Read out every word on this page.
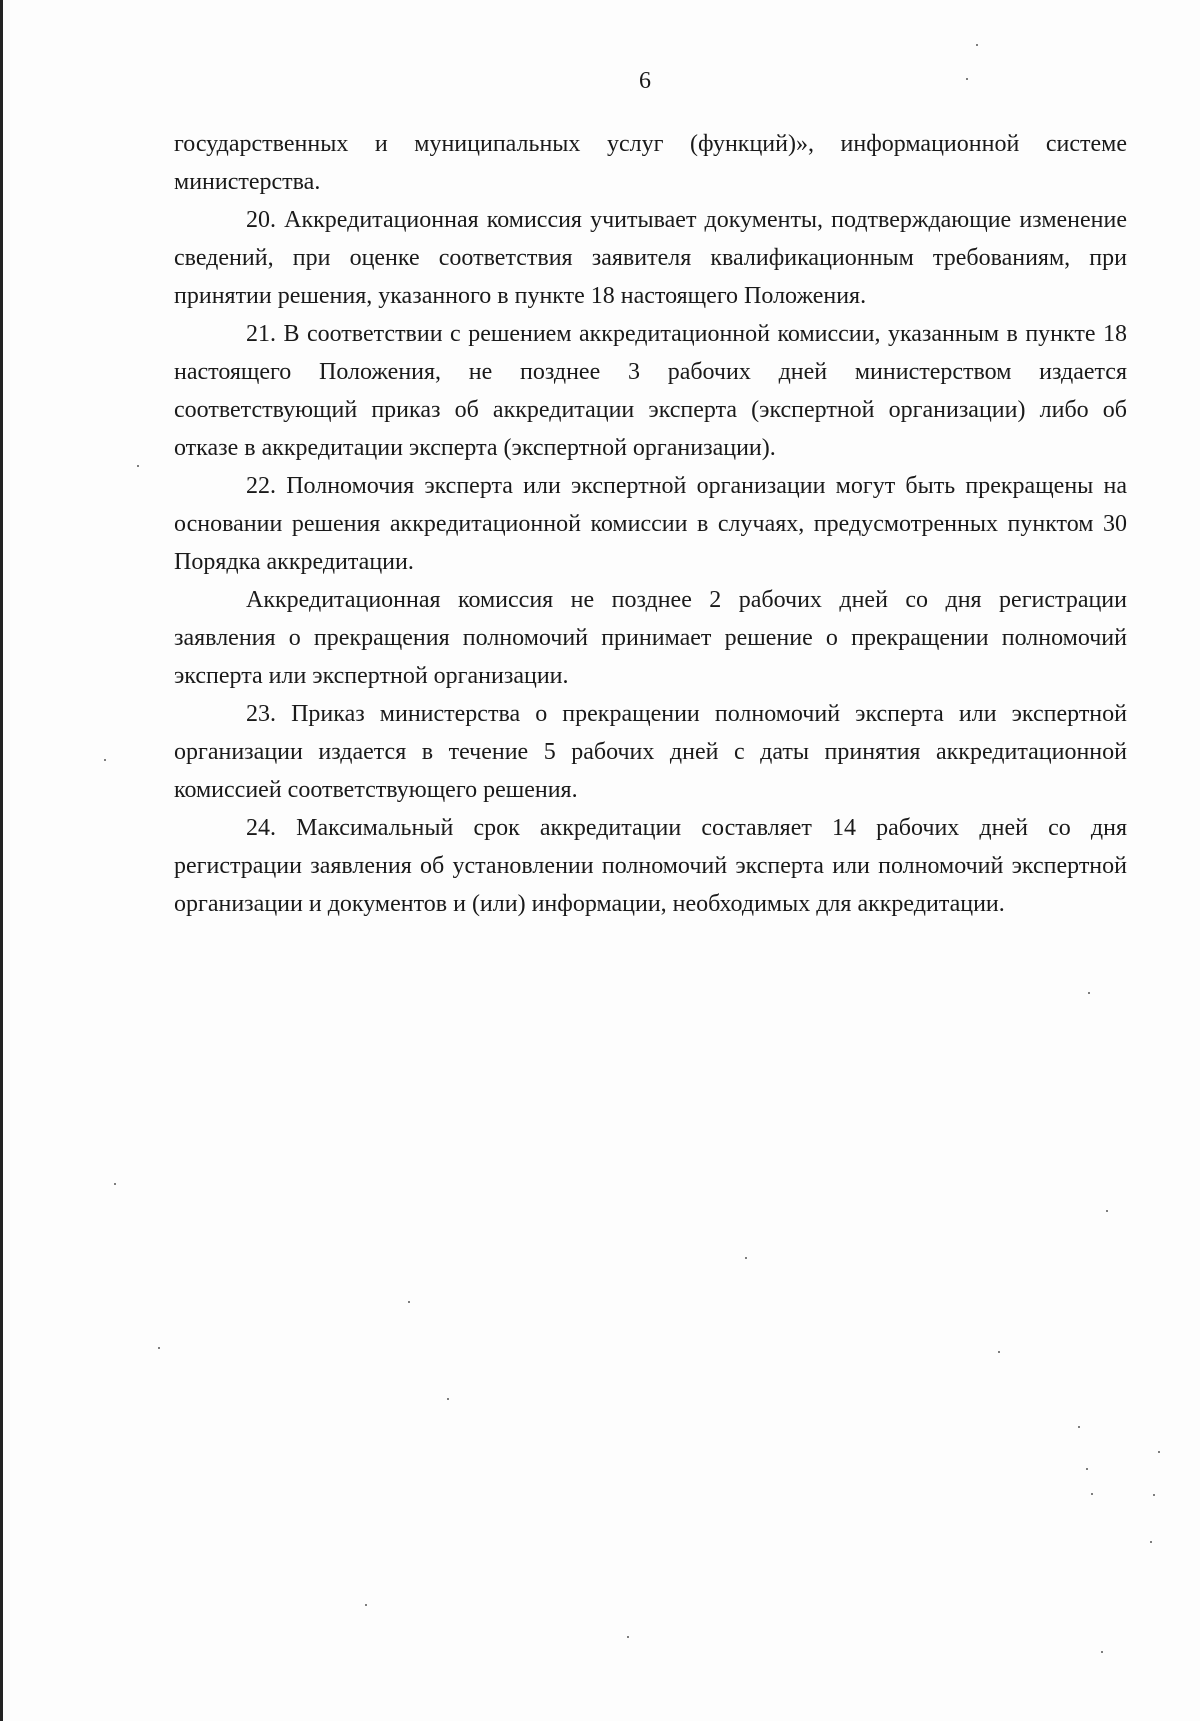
6

государственных и муниципальных услуг (функций)», информационной системе министерства.

20. Аккредитационная комиссия учитывает документы, подтверждающие изменение сведений, при оценке соответствия заявителя квалификационным требованиям, при принятии решения, указанного в пункте 18 настоящего Положения.

21. В соответствии с решением аккредитационной комиссии, указанным в пункте 18 настоящего Положения, не позднее 3 рабочих дней министерством издается соответствующий приказ об аккредитации эксперта (экспертной организации) либо об отказе в аккредитации эксперта (экспертной организации).

22. Полномочия эксперта или экспертной организации могут быть прекращены на основании решения аккредитационной комиссии в случаях, предусмотренных пунктом 30 Порядка аккредитации.

Аккредитационная комиссия не позднее 2 рабочих дней со дня регистрации заявления о прекращения полномочий принимает решение о прекращении полномочий эксперта или экспертной организации.

23. Приказ министерства о прекращении полномочий эксперта или экспертной организации издается в течение 5 рабочих дней с даты принятия аккредитационной комиссией соответствующего решения.

24. Максимальный срок аккредитации составляет 14 рабочих дней со дня регистрации заявления об установлении полномочий эксперта или полномочий экспертной организации и документов и (или) информации, необходимых для аккредитации.
